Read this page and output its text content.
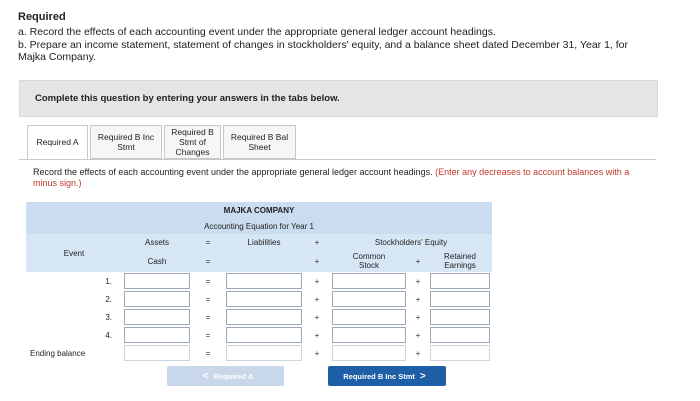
Required
a. Record the effects of each accounting event under the appropriate general ledger account headings.
b. Prepare an income statement, statement of changes in stockholders' equity, and a balance sheet dated December 31, Year 1, for
Majka Company.
Complete this question by entering your answers in the tabs below.
Required A Required B Inc
Stmt
Required B
Stmt of
Changes
Required B Bal
Sheet
Record the effects of each accounting event under the appropriate general ledger account headings. (Enter any decreases to account balances with a minus sign.)
MAJKA COMPANY							
Accounting Equation for Year 1							
Event	Assets	=	Liabilities	+	Stockholders' Equity		
	Cash	=		+	Common
Stock	+	Retained
Earnings
1.		=		+		+	

2.		=		+		+	

3.		=		+		+	

4.		=		+		+	

Ending balance		=		+		+	
< Required A	Required B Inc Stmt >
